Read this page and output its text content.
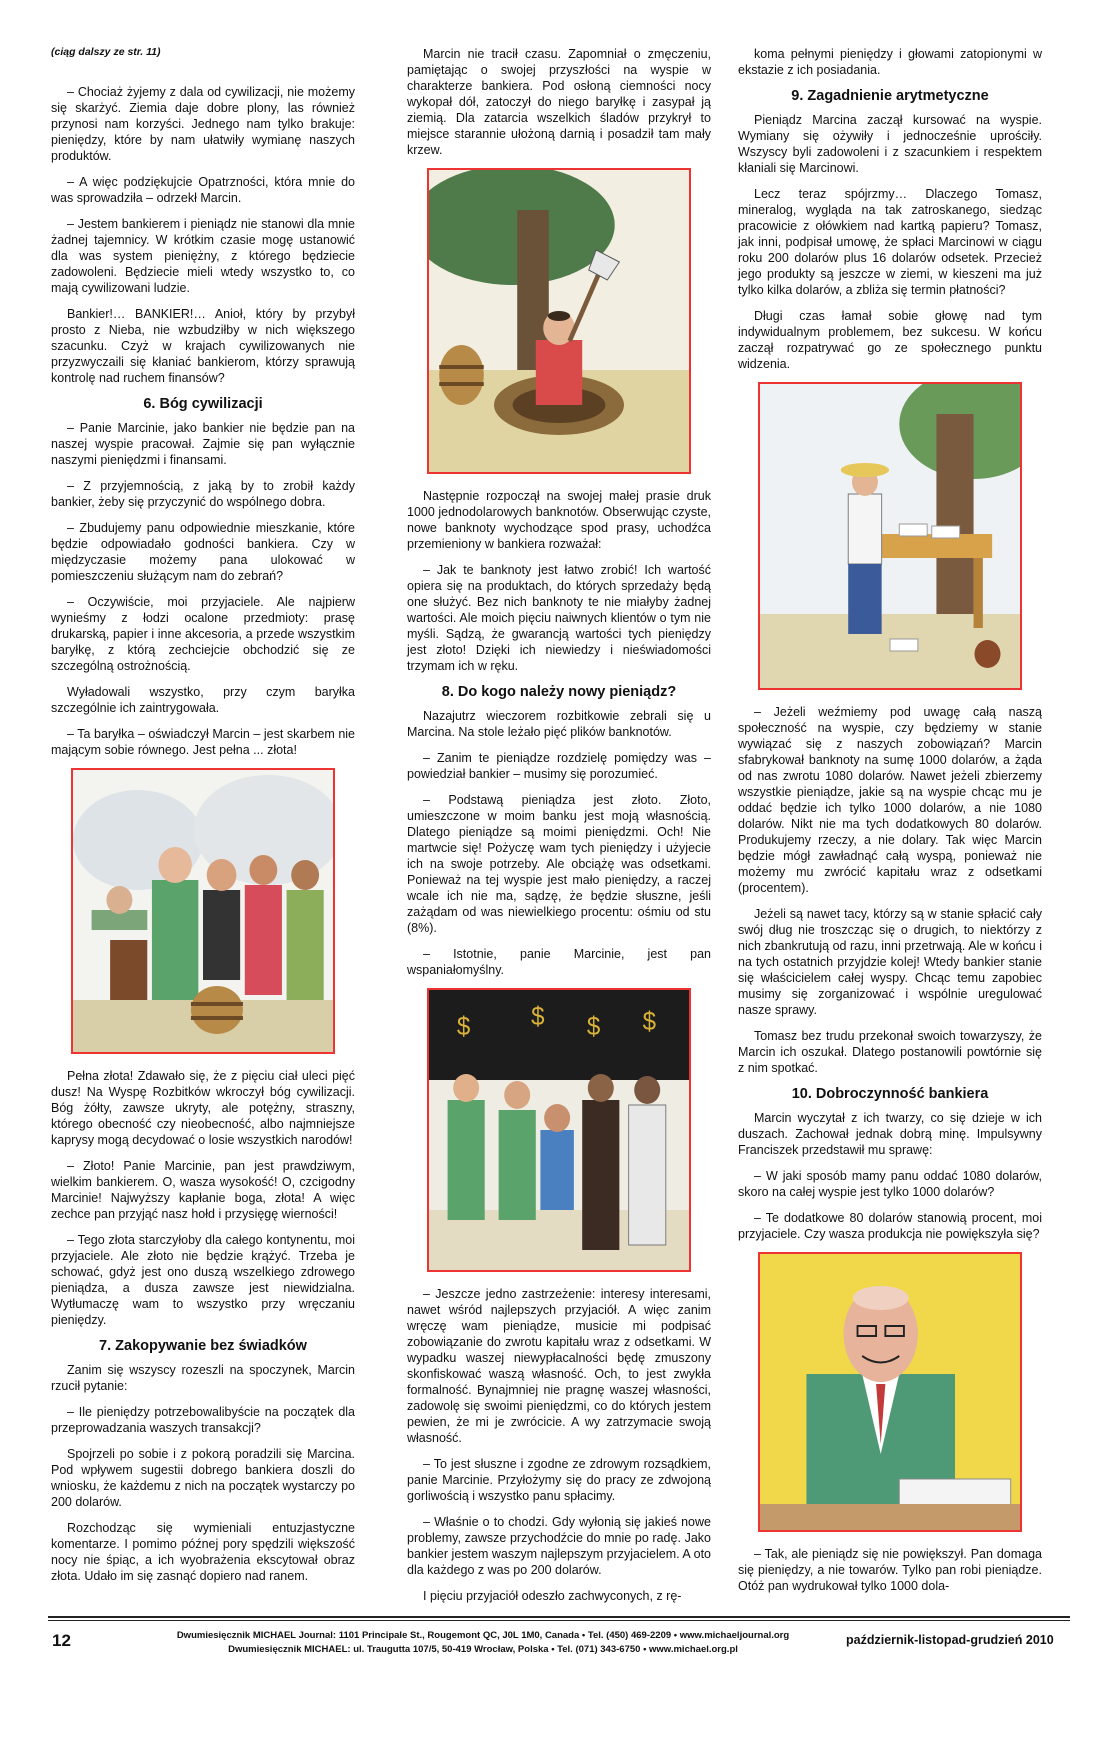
(ciąg dalszy ze str. 11)

– Chociaż żyjemy z dala od cywilizacji, nie możemy się skarżyć. Ziemia daje dobre plony, las również przynosi nam korzyści. Jednego nam tylko brakuje: pieniędzy, które by nam ułatwiły wymianę naszych produktów.

– A więc podziękujcie Opatrzności, która mnie do was sprowadziła – odrzekł Marcin.

– Jestem bankierem i pieniądz nie stanowi dla mnie żadnej tajemnicy. W krótkim czasie mogę ustanowić dla was system pieniężny, z którego będziecie zadowoleni. Będziecie mieli wtedy wszystko to, co mają cywilizowani ludzie.

Bankier!… BANKIER!… Anioł, który by przybył prosto z Nieba, nie wzbudziłby w nich większego szacunku. Czyż w krajach cywilizowanych nie przyzwyczaili się kłaniać bankierom, którzy sprawują kontrolę nad ruchem finansów?

6. Bóg cywilizacji

– Panie Marcinie, jako bankier nie będzie pan na naszej wyspie pracował. Zajmie się pan wyłącznie naszymi pieniędzmi i finansami.

– Z przyjemnością, z jaką by to zrobił każdy bankier, żeby się przyczynić do wspólnego dobra.

– Zbudujemy panu odpowiednie mieszkanie, które będzie odpowiadało godności bankiera. Czy w międzyczasie możemy pana ulokować w pomieszczeniu służącym nam do zebrań?

– Oczywiście, moi przyjaciele. Ale najpierw wynieśmy z łodzi ocalone przedmioty: prasę drukarską, papier i inne akcesoria, a przede wszystkim baryłkę, z którą zechciejcie obchodzić się ze szczególną ostrożnością.

Wyładowali wszystko, przy czym baryłka szczególnie ich zaintrygowała.

– Ta baryłka – oświadczył Marcin – jest skarbem nie mającym sobie równego. Jest pełna ... złota!

Pełna złota! Zdawało się, że z pięciu ciał uleci pięć dusz! Na Wyspę Rozbitków wkroczył bóg cywilizacji. Bóg żółty, zawsze ukryty, ale potężny, straszny, którego obecność czy nieobecność, albo najmniejsze kaprysy mogą decydować o losie wszystkich narodów!

– Złoto! Panie Marcinie, pan jest prawdziwym, wielkim bankierem. O, wasza wysokość! O, czcigodny Marcinie! Najwyższy kapłanie boga, złota! A więc zechce pan przyjąć nasz hołd i przysięgę wierności!

– Tego złota starczyłoby dla całego kontynentu, moi przyjaciele. Ale złoto nie będzie krążyć. Trzeba je schować, gdyż jest ono duszą wszelkiego zdrowego pieniądza, a dusza zawsze jest niewidzialna. Wytłumaczę wam to wszystko przy wręczaniu pieniędzy.

7. Zakopywanie bez świadków

Zanim się wszyscy rozeszli na spoczynek, Marcin rzucił pytanie:

– Ile pieniędzy potrzebowalibyście na początek dla przeprowadzania waszych transakcji?

Spojrzeli po sobie i z pokorą poradzili się Marcina. Pod wpływem sugestii dobrego bankiera doszli do wniosku, że każdemu z nich na początek wystarczy po 200 dolarów.

Rozchodząc się wymieniali entuzjastyczne komentarze. I pomimo późnej pory spędzili większość nocy nie śpiąc, a ich wyobrażenia ekscytował obraz złota. Udało im się zasnąć dopiero nad ranem.

Marcin nie tracił czasu. Zapomniał o zmęczeniu, pamiętając o swojej przyszłości na wyspie w charakterze bankiera. Pod osłoną ciemności nocy wykopał dół, zatoczył do niego baryłkę i zasypał ją ziemią. Dla zatarcia wszelkich śladów przykrył to miejsce starannie ułożoną darnią i posadził tam mały krzew.

Następnie rozpoczął na swojej małej prasie druk 1000 jednodolarowych banknotów. Obserwując czyste, nowe banknoty wychodzące spod prasy, uchodźca przemieniony w bankiera rozważał:

– Jak te banknoty jest łatwo zrobić! Ich wartość opiera się na produktach, do których sprzedaży będą one służyć. Bez nich banknoty te nie miałyby żadnej wartości. Ale moich pięciu naiwnych klientów o tym nie myśli. Sądzą, że gwarancją wartości tych pieniędzy jest złoto! Dzięki ich niewiedzy i nieświadomości trzymam ich w ręku.

8. Do kogo należy nowy pieniądz?

Nazajutrz wieczorem rozbitkowie zebrali się u Marcina. Na stole leżało pięć plików banknotów.

– Zanim te pieniądze rozdzielę pomiędzy was – powiedział bankier – musimy się porozumieć.

– Podstawą pieniądza jest złoto. Złoto, umieszczone w moim banku jest moją własnością. Dlatego pieniądze są moimi pieniędzmi. Och! Nie martwcie się! Pożyczę wam tych pieniędzy i użyjecie ich na swoje potrzeby. Ale obciążę was odsetkami. Ponieważ na tej wyspie jest mało pieniędzy, a raczej wcale ich nie ma, sądzę, że będzie słuszne, jeśli zażądam od was niewielkiego procentu: ośmiu od stu (8%).

– Istotnie, panie Marcinie, jest pan wspaniałomyślny.

$ $ $ $

– Jeszcze jedno zastrzeżenie: interesy interesami, nawet wśród najlepszych przyjaciół. A więc zanim wręczę wam pieniądze, musicie mi podpisać zobowiązanie do zwrotu kapitału wraz z odsetkami. W wypadku waszej niewypłacalności będę zmuszony skonfiskować waszą własność. Och, to jest zwykła formalność. Bynajmniej nie pragnę waszej własności, zadowolę się swoimi pieniędzmi, co do których jestem pewien, że mi je zwrócicie. A wy zatrzymacie swoją własność.

– To jest słuszne i zgodne ze zdrowym rozsądkiem, panie Marcinie. Przyłożymy się do pracy ze zdwojoną gorliwością i wszystko panu spłacimy.

– Właśnie o to chodzi. Gdy wyłonią się jakieś nowe problemy, zawsze przychodźcie do mnie po radę. Jako bankier jestem waszym najlepszym przyjacielem. A oto dla każdego z was po 200 dolarów.

I pięciu przyjaciół odeszło zachwyconych, z rę-

koma pełnymi pieniędzy i głowami zatopionymi w ekstazie z ich posiadania.

9. Zagadnienie arytmetyczne

Pieniądz Marcina zaczął kursować na wyspie. Wymiany się ożywiły i jednocześnie uprościły. Wszyscy byli zadowoleni i z szacunkiem i respektem kłaniali się Marcinowi.

Lecz teraz spójrzmy… Dlaczego Tomasz, mineralog, wygląda na tak zatroskanego, siedząc pracowicie z ołówkiem nad kartką papieru? Tomasz, jak inni, podpisał umowę, że spłaci Marcinowi w ciągu roku 200 dolarów plus 16 dolarów odsetek. Przecież jego produkty są jeszcze w ziemi, w kieszeni ma już tylko kilka dolarów, a zbliża się termin płatności?

Długi czas łamał sobie głowę nad tym indywidualnym problemem, bez sukcesu. W końcu zaczął rozpatrywać go ze społecznego punktu widzenia.

– Jeżeli weźmiemy pod uwagę całą naszą społeczność na wyspie, czy będziemy w stanie wywiązać się z naszych zobowiązań? Marcin sfabrykował banknoty na sumę 1000 dolarów, a żąda od nas zwrotu 1080 dolarów. Nawet jeżeli zbierzemy wszystkie pieniądze, jakie są na wyspie chcąc mu je oddać będzie ich tylko 1000 dolarów, a nie 1080 dolarów. Nikt nie ma tych dodatkowych 80 dolarów. Produkujemy rzeczy, a nie dolary. Tak więc Marcin będzie mógł zawładnąć całą wyspą, ponieważ nie możemy mu zwrócić kapitału wraz z odsetkami (procentem).

Jeżeli są nawet tacy, którzy są w stanie spłacić cały swój dług nie troszcząc się o drugich, to niektórzy z nich zbankrutują od razu, inni przetrwają. Ale w końcu i na tych ostatnich przyjdzie kolej! Wtedy bankier stanie się właścicielem całej wyspy. Chcąc temu zapobiec musimy się zorganizować i wspólnie uregulować nasze sprawy.

Tomasz bez trudu przekonał swoich towarzyszy, że Marcin ich oszukał. Dlatego postanowili powtórnie się z nim spotkać.

10. Dobroczynność bankiera

Marcin wyczytał z ich twarzy, co się dzieje w ich duszach. Zachował jednak dobrą minę. Impulsywny Franciszek przedstawił mu sprawę:

– W jaki sposób mamy panu oddać 1080 dolarów, skoro na całej wyspie jest tylko 1000 dolarów?

– Te dodatkowe 80 dolarów stanowią procent, moi przyjaciele. Czy wasza produkcja nie powiększyła się?

– Tak, ale pieniądz się nie powiększył. Pan domaga się pieniędzy, a nie towarów. Tylko pan robi pieniądze. Otóż pan wydrukował tylko 1000 dola-

12	Dwumiesięcznik MICHAEL Journal: 1101 Principale St., Rougemont QC, J0L 1M0, Canada • Tel. (450) 469-2209 • www.michaeljournal.org
Dwumiesięcznik MICHAEL: ul. Traugutta 107/5, 50-419 Wrocław, Polska • Tel. (071) 343-6750 • www.michael.org.pl
październik-listopad-grudzień 2010
